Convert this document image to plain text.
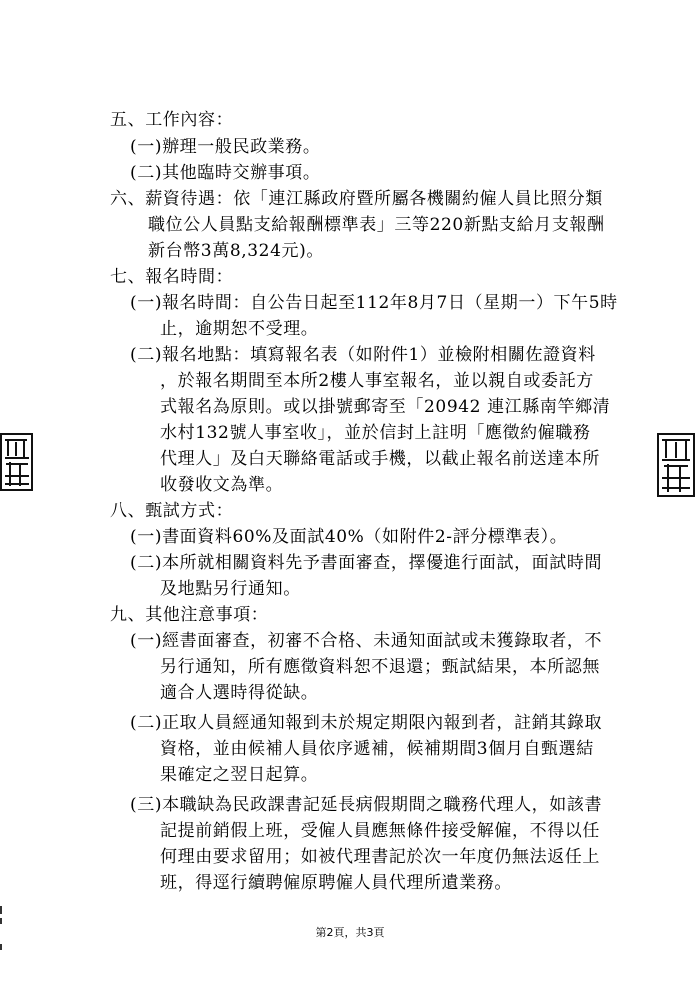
五、工作內容：
(一)辦理一般民政業務。
(二)其他臨時交辦事項。
六、薪資待遇：依「連江縣政府暨所屬各機關約僱人員比照分類
職位公人員點支給報酬標準表」三等220新點支給月支報酬
新台幣3萬8,324元)。
七、報名時間：
(一)報名時間：自公告日起至112年8月7日（星期一）下午5時
止，逾期恕不受理。
(二)報名地點：填寫報名表（如附件1）並檢附相關佐證資料
，於報名期間至本所2樓人事室報名，並以親自或委託方
式報名為原則。或以掛號郵寄至「20942 連江縣南竿鄉清
水村132號人事室收」，並於信封上註明「應徵約僱職務
代理人」及白天聯絡電話或手機，以截止報名前送達本所
收發收文為準。
八、甄試方式：
(一)書面資料60%及面試40%（如附件2-評分標準表）。
(二)本所就相關資料先予書面審查，擇優進行面試，面試時間
及地點另行通知。
九、其他注意事項：
(一)經書面審查，初審不合格、未通知面試或未獲錄取者，不
另行通知，所有應徵資料恕不退還；甄試結果，本所認無
適合人選時得從缺。
(二)正取人員經通知報到未於規定期限內報到者，註銷其錄取
資格，並由候補人員依序遞補，候補期間3個月自甄選結
果確定之翌日起算。
(三)本職缺為民政課書記延長病假期間之職務代理人，如該書
記提前銷假上班，受僱人員應無條件接受解僱，不得以任
何理由要求留用；如被代理書記於次一年度仍無法返任上
班，得逕行續聘僱原聘僱人員代理所遺業務。
第2頁，共3頁
